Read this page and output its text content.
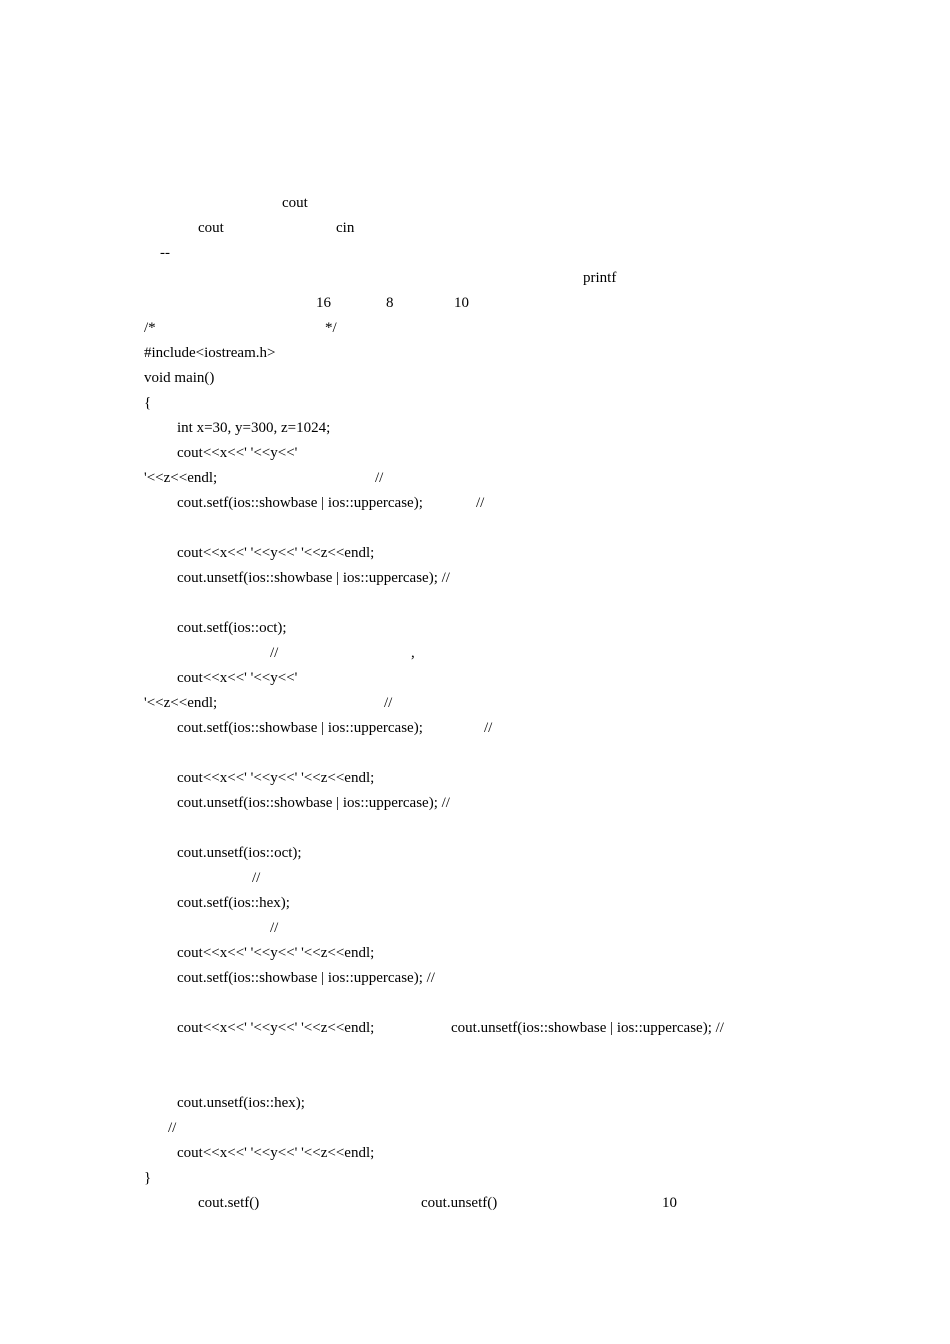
cout
cout	cin
--
printf
16	8	10
/*	*/
#include<iostream.h>
void main()
{
int x=30, y=300, z=1024;
cout<<x<<' '<<y<<'
'<<z<<endl;	//
cout.setf(ios::showbase | ios::uppercase);	//
cout<<x<<' '<<y<<' '<<z<<endl;
cout.unsetf(ios::showbase | ios::uppercase); //
cout.setf(ios::oct);
//	,
cout<<x<<' '<<y<<'
'<<z<<endl;	//
cout.setf(ios::showbase | ios::uppercase);	//
cout<<x<<' '<<y<<' '<<z<<endl;
cout.unsetf(ios::showbase | ios::uppercase); //
cout.unsetf(ios::oct);
//
cout.setf(ios::hex);
//
cout<<x<<' '<<y<<' '<<z<<endl;
cout.setf(ios::showbase | ios::uppercase); //
cout<<x<<' '<<y<<' '<<z<<endl;	cout.unsetf(ios::showbase | ios::uppercase); //
cout.unsetf(ios::hex);
//
cout<<x<<' '<<y<<' '<<z<<endl;
}
cout.setf()	cout.unsetf()	10
